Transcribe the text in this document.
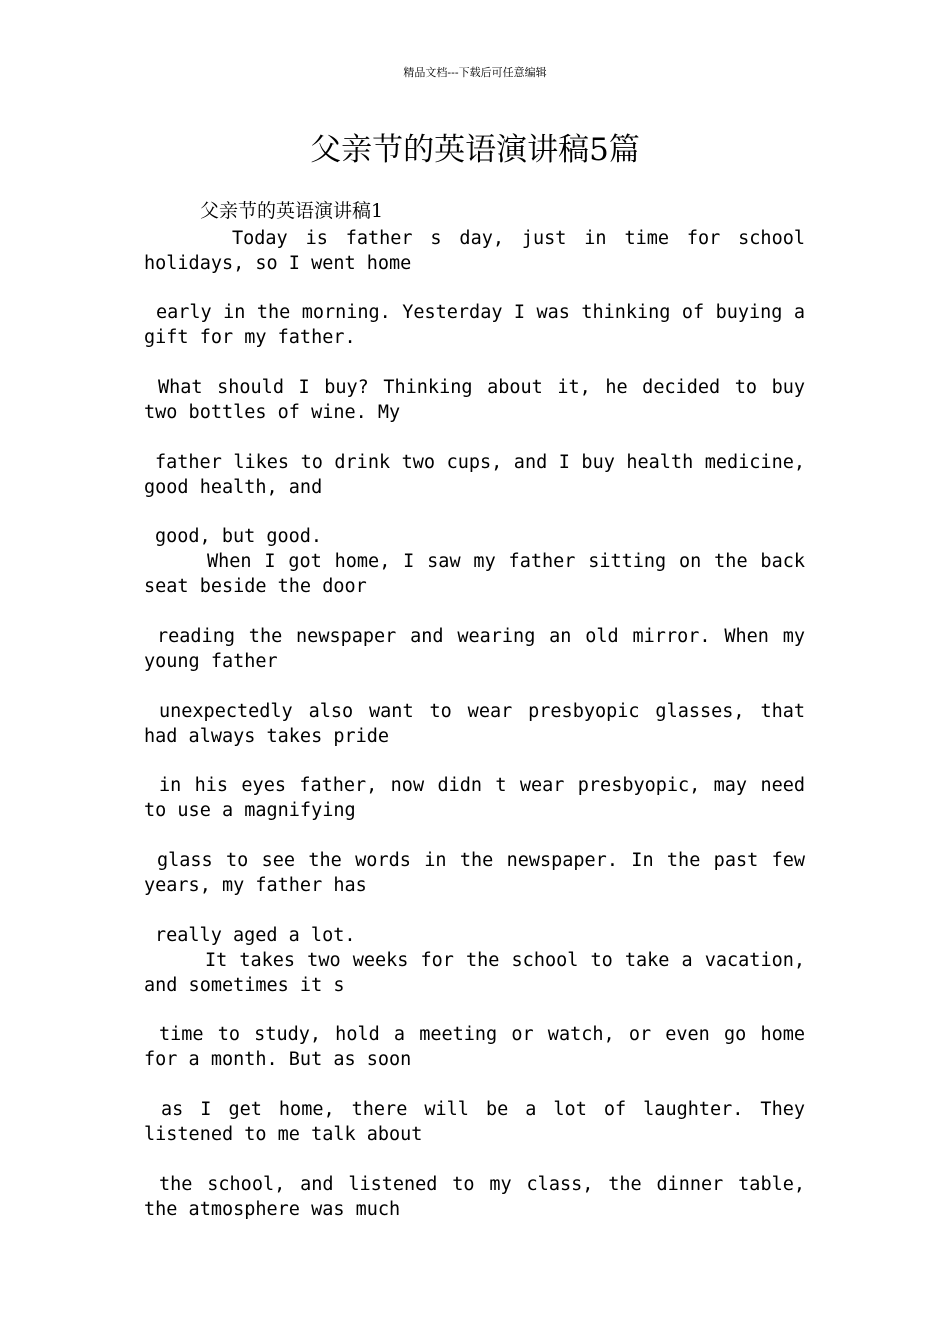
精品文档---下载后可任意编辑
父亲节的英语演讲稿5篇
父亲节的英语演讲稿1
Today is father s day, just in time for school
holidays, so I went home
early in the morning. Yesterday I was thinking of buying a
gift for my father.
What should I buy? Thinking about it, he decided to buy
two bottles of wine. My
father likes to drink two cups, and I buy health medicine,
good health, and
good, but good.
When I got home, I saw my father sitting on the back
seat beside the door
reading the newspaper and wearing an old mirror. When my
young father
unexpectedly also want to wear presbyopic glasses, that
had always takes pride
in his eyes father, now didn t wear presbyopic, may need
to use a magnifying
glass to see the words in the newspaper. In the past few
years, my father has
really aged a lot.
It takes two weeks for the school to take a vacation,
and sometimes it s
time to study, hold a meeting or watch, or even go home
for a month. But as soon
as I get home, there will be a lot of laughter. They
listened to me talk about
the school, and listened to my class, the dinner table,
the atmosphere was much
